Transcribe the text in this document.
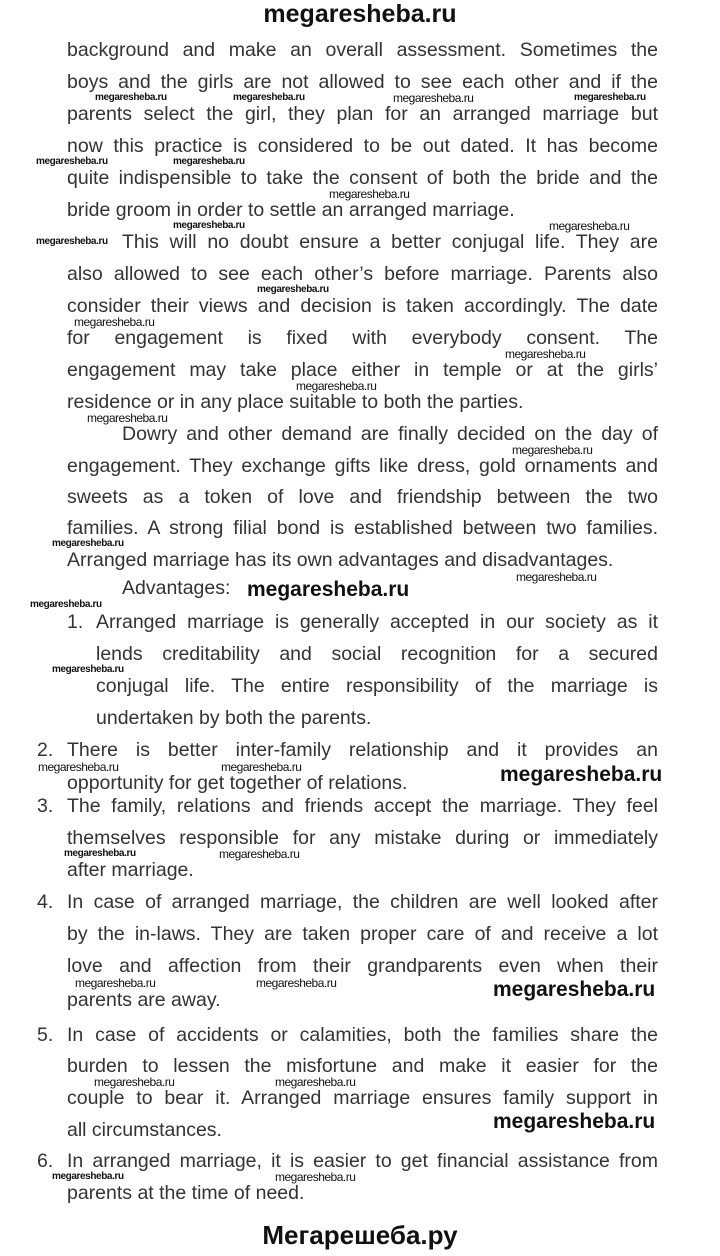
megaresheba.ru
background and make an overall assessment. Sometimes the
boys and the girls are not allowed to see each other and if the
parents select the girl, they plan for an arranged marriage but
now this practice is considered to be out dated. It has become
quite indispensible to take the consent of both the bride and the
bride groom in order to settle an arranged marriage.
This will no doubt ensure a better conjugal life. They are
also allowed to see each other’s before marriage. Parents also
consider their views and decision is taken accordingly. The date
for engagement is fixed with everybody consent. The
engagement may take place either in temple or at the girls’
residence or in any place suitable to both the parties.
Dowry and other demand are finally decided on the day of
engagement. They exchange gifts like dress, gold ornaments and
sweets as a token of love and friendship between the two
families. A strong filial bond is established between two families.
Arranged marriage has its own advantages and disadvantages.
Advantages:
1. Arranged marriage is generally accepted in our society as it
lends creditability and social recognition for a secured
conjugal life. The entire responsibility of the marriage is
undertaken by both the parents.
2. There is better inter-family relationship and it provides an
opportunity for get together of relations.
3. The family, relations and friends accept the marriage. They feel
themselves responsible for any mistake during or immediately
after marriage.
4. In case of arranged marriage, the children are well looked after
by the in-laws. They are taken proper care of and receive a lot
love and affection from their grandparents even when their
parents are away.
5. In case of accidents or calamities, both the families share the
burden to lessen the misfortune and make it easier for the
couple to bear it. Arranged marriage ensures family support in
all circumstances.
6. In arranged marriage, it is easier to get financial assistance from
parents at the time of need.
megaresheba.ru	megaresheba.ru	megaresheba.ru	megaresheba.ru
megaresheba.ru	megaresheba.ru
megaresheba.ru
megaresheba.ru	megaresheba.ru
megaresheba.ru
megaresheba.ru
megaresheba.ru
megaresheba.ru
megaresheba.ru
megaresheba.ru
megaresheba.ru
megaresheba.ru
megaresheba.ru
megaresheba.ru
megaresheba.ru
megaresheba.ru
megaresheba.ru	megaresheba.ru	megaresheba.ru
megaresheba.ru	megaresheba.ru
megaresheba.ru	megaresheba.ru	megaresheba.ru
megaresheba.ru	megaresheba.ru
megaresheba.ru
megaresheba.ru	megaresheba.ru
Мегарешеба.ру
